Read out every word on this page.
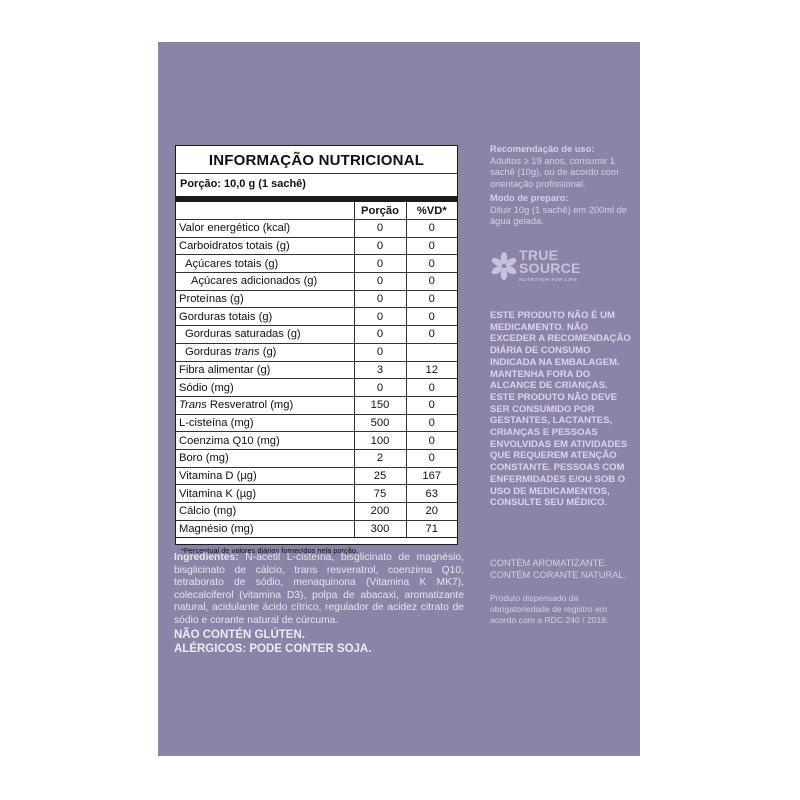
INFORMAÇÃO NUTRICIONAL
Porção: 10,0 g (1 sachê)
	Porção	%VD*
Valor energético (kcal)	0	0
Carboidratos totais (g)	0	0
Açúcares totais (g)	0	0
Açúcares adicionados (g)	0	0
Proteínas (g)	0	0
Gorduras totais (g)	0	0
Gorduras saturadas (g)	0	0
Gorduras trans (g)	0	
Fibra alimentar (g)	3	12
Sódio (mg)	0	0
Trans Resveratrol (mg)	150	0
L-cisteína (mg)	500	0
Coenzima Q10 (mg)	100	0
Boro (mg)	2	0
Vitamina D (µg)	25	167
Vitamina K (µg)	75	63
Cálcio (mg)	200	20
Magnésio (mg)	300	71
*Percentual de valores diários fornecidos pela porção.
Ingredientes: N-acetil L-cisteína, bisglicinato de magnésio, bisglicinato de cálcio, trans resveratrol, coenzima Q10, tetraborato de sódio, menaquinona (Vitamina K MK7), colecalciferol (vitamina D3), polpa de abacaxi, aromatizante natural, acidulante ácido cítrico, regulador de acidez citrato de sódio e corante natural de cúrcuma.
NÃO CONTÉN GLÚTEN.
ALÉRGICOS: PODE CONTER SOJA.
Recomendação de uso:
Adultos ≥ 19 anos, consumir 1 sachê (10g), ou de acordo com orientação profissional.
Modo de preparo:
Diluir 10g (1 sachê) em 200ml de água gelada.
TRUE
SOURCE
NUTRITION FOR LIFE
ESTE PRODUTO NÃO É UM MEDICAMENTO. NÃO EXCEDER A RECOMENDAÇÃO DIÁRIA DE CONSUMO INDICADA NA EMBALAGEM. MANTENHA FORA DO ALCANCE DE CRIANÇAS. ESTE PRODUTO NÃO DEVE SER CONSUMIDO POR GESTANTES, LACTANTES, CRIANÇAS E PESSOAS ENVOLVIDAS EM ATIVIDADES QUE REQUEREM ATENÇÃO CONSTANTE. PESSOAS COM ENFERMIDADES E/OU SOB O USO DE MEDICAMENTOS, CONSULTE SEU MÉDICO.
CONTÉM AROMATIZANTE.
CONTÉM CORANTE NATURAL.
Produto dispensado da obrigatoriedade de registro em acordo com a RDC 240 / 2018.
